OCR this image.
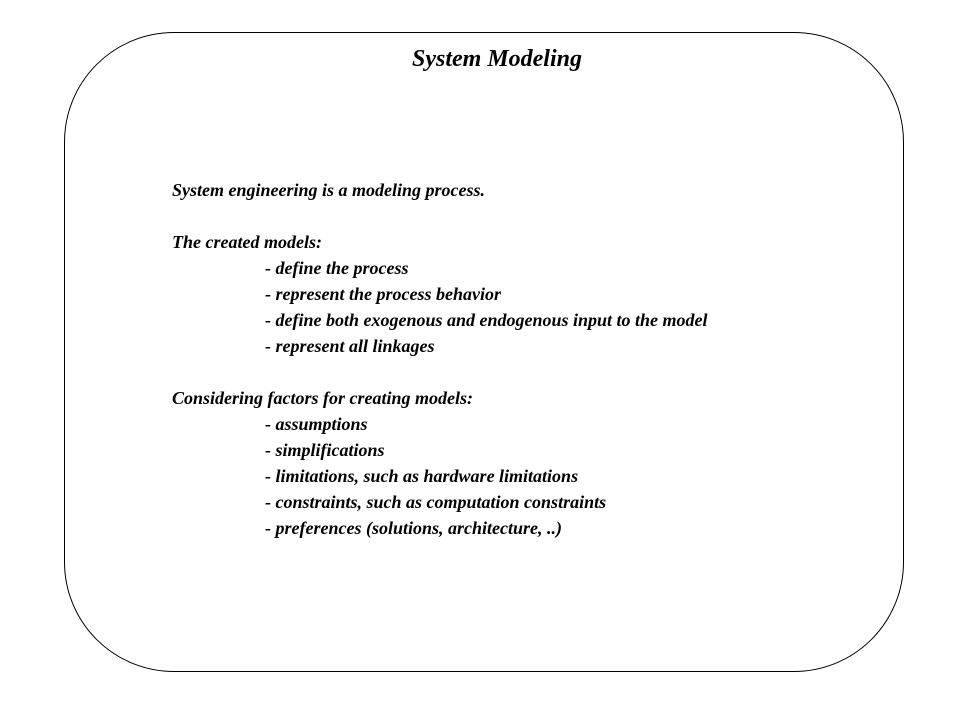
System Modeling
System engineering is a modeling process.
The created models:
- define the process
- represent the process behavior
- define both exogenous and endogenous input to the model
- represent all linkages
Considering factors for creating models:
- assumptions
- simplifications
- limitations, such as hardware limitations
- constraints, such as computation constraints
- preferences (solutions, architecture, ..)
